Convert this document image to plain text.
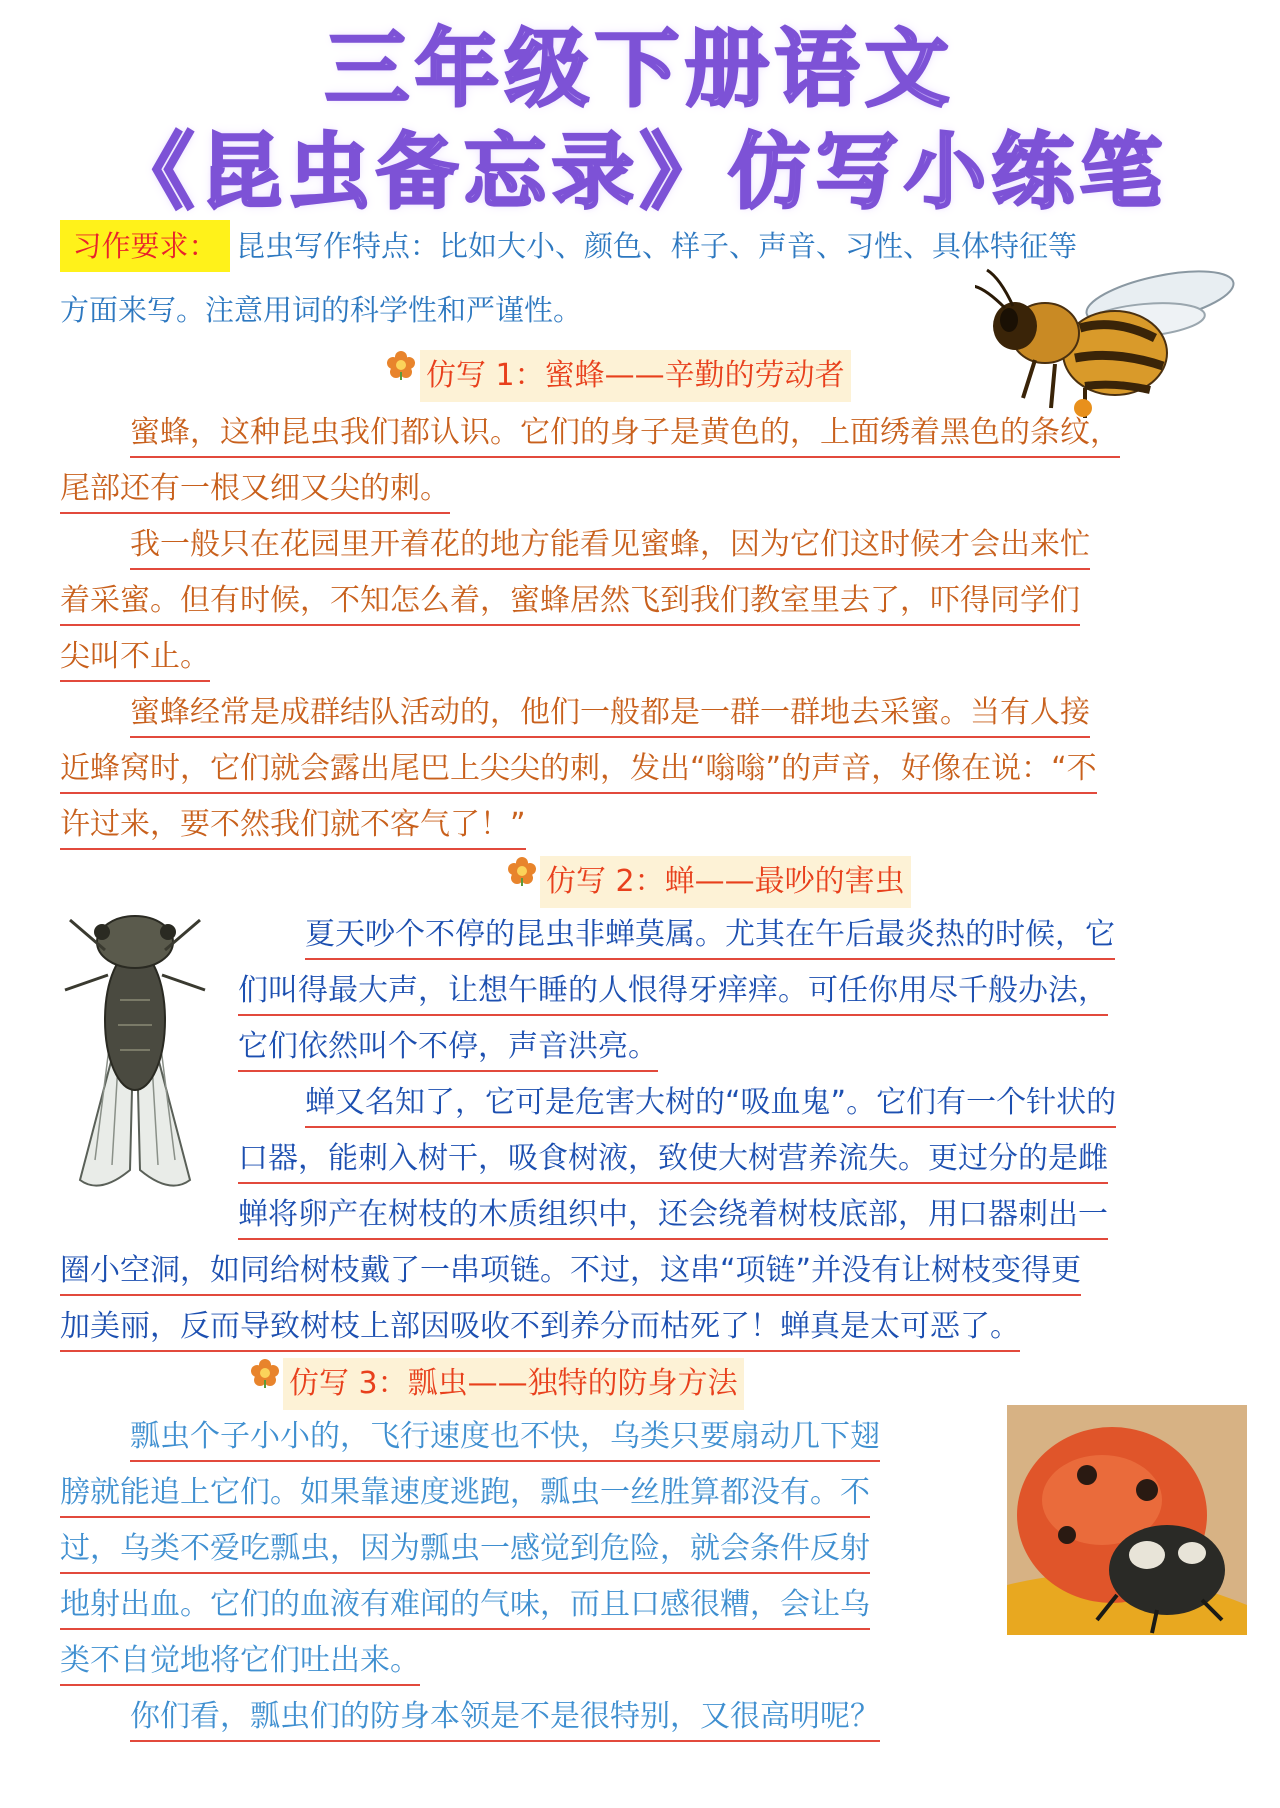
三年级下册语文
《昆虫备忘录》仿写小练笔
习作要求： 昆虫写作特点：比如大小、颜色、样子、声音、习性、具体特征等
方面来写。注意用词的科学性和严谨性。
仿写 1：蜜蜂——辛勤的劳动者
蜜蜂，这种昆虫我们都认识。它们的身子是黄色的，上面绣着黑色的条纹，
尾部还有一根又细又尖的刺。
我一般只在花园里开着花的地方能看见蜜蜂，因为它们这时候才会出来忙
着采蜜。但有时候，不知怎么着，蜜蜂居然飞到我们教室里去了，吓得同学们
尖叫不止。
蜜蜂经常是成群结队活动的，他们一般都是一群一群地去采蜜。当有人接
近蜂窝时，它们就会露出尾巴上尖尖的刺，发出“嗡嗡”的声音，好像在说：“不
许过来，要不然我们就不客气了！”
仿写 2：蝉——最吵的害虫
夏天吵个不停的昆虫非蝉莫属。尤其在午后最炎热的时候，它
们叫得最大声，让想午睡的人恨得牙痒痒。可任你用尽千般办法，
它们依然叫个不停，声音洪亮。
蝉又名知了，它可是危害大树的“吸血鬼”。它们有一个针状的
口器，能刺入树干，吸食树液，致使大树营养流失。更过分的是雌
蝉将卵产在树枝的木质组织中，还会绕着树枝底部，用口器刺出一
圈小空洞，如同给树枝戴了一串项链。不过，这串“项链”并没有让树枝变得更
加美丽，反而导致树枝上部因吸收不到养分而枯死了！蝉真是太可恶了。
仿写 3：瓢虫——独特的防身方法
瓢虫个子小小的，飞行速度也不快，乌类只要扇动几下翅
膀就能追上它们。如果靠速度逃跑，瓢虫一丝胜算都没有。不
过，乌类不爱吃瓢虫，因为瓢虫一感觉到危险，就会条件反射
地射出血。它们的血液有难闻的气味，而且口感很糟，会让乌
类不自觉地将它们吐出来。
你们看，瓢虫们的防身本领是不是很特别，又很高明呢？
